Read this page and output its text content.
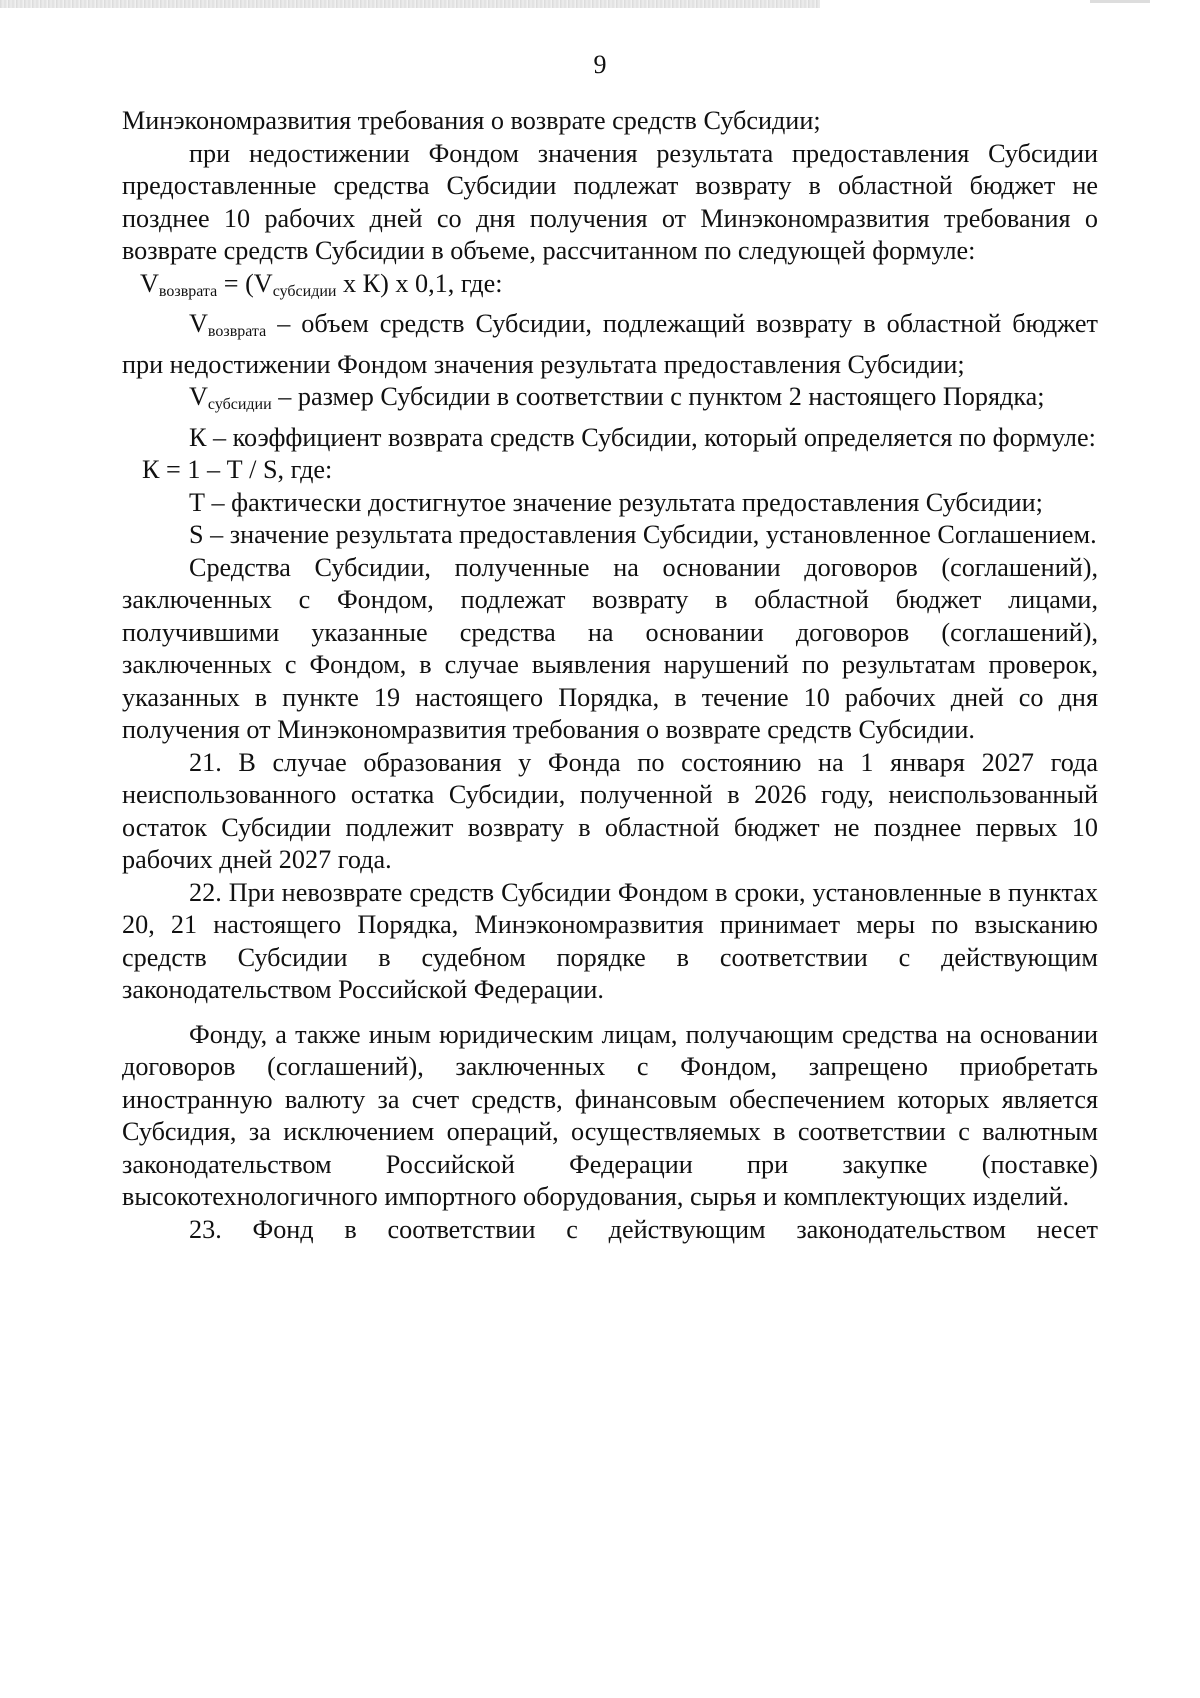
9

Минэкономразвития требования о возврате средств Субсидии;

при недостижении Фондом значения результата предоставления Субсидии предоставленные средства Субсидии подлежат возврату в областной бюджет не позднее 10 рабочих дней со дня получения от Минэкономразвития требования о возврате средств Субсидии в объеме, рассчитанном по следующей формуле:

$V_{возврата} = (V_{субсидии}$ х К) х 0,1, где:

$V_{возврата}$ – объем средств Субсидии, подлежащий возврату в областной бюджет при недостижении Фондом значения результата предоставления Субсидии;

$V_{субсидии}$ – размер Субсидии в соответствии с пунктом 2 настоящего Порядка;

К – коэффициент возврата средств Субсидии, который определяется по формуле:

К = 1 – Т / S, где:

Т – фактически достигнутое значение результата предоставления Субсидии;

S – значение результата предоставления Субсидии, установленное Соглашением.

Средства Субсидии, полученные на основании договоров (соглашений), заключенных с Фондом, подлежат возврату в областной бюджет лицами, получившими указанные средства на основании договоров (соглашений), заключенных с Фондом, в случае выявления нарушений по результатам проверок, указанных в пункте 19 настоящего Порядка, в течение 10 рабочих дней со дня получения от Минэкономразвития требования о возврате средств Субсидии.

21. В случае образования у Фонда по состоянию на 1 января 2027 года неиспользованного остатка Субсидии, полученной в 2026 году, неиспользованный остаток Субсидии подлежит возврату в областной бюджет не позднее первых 10 рабочих дней 2027 года.

22. При невозврате средств Субсидии Фондом в сроки, установленные в пунктах 20, 21 настоящего Порядка, Минэкономразвития принимает меры по взысканию средств Субсидии в судебном порядке в соответствии с действующим законодательством Российской Федерации.

Фонду, а также иным юридическим лицам, получающим средства на основании договоров (соглашений), заключенных с Фондом, запрещено приобретать иностранную валюту за счет средств, финансовым обеспечением которых является Субсидия, за исключением операций, осуществляемых в соответствии с валютным законодательством Российской Федерации при закупке (поставке) высокотехнологичного импортного оборудования, сырья и комплектующих изделий.

23. Фонд в соответствии с действующим законодательством несет
